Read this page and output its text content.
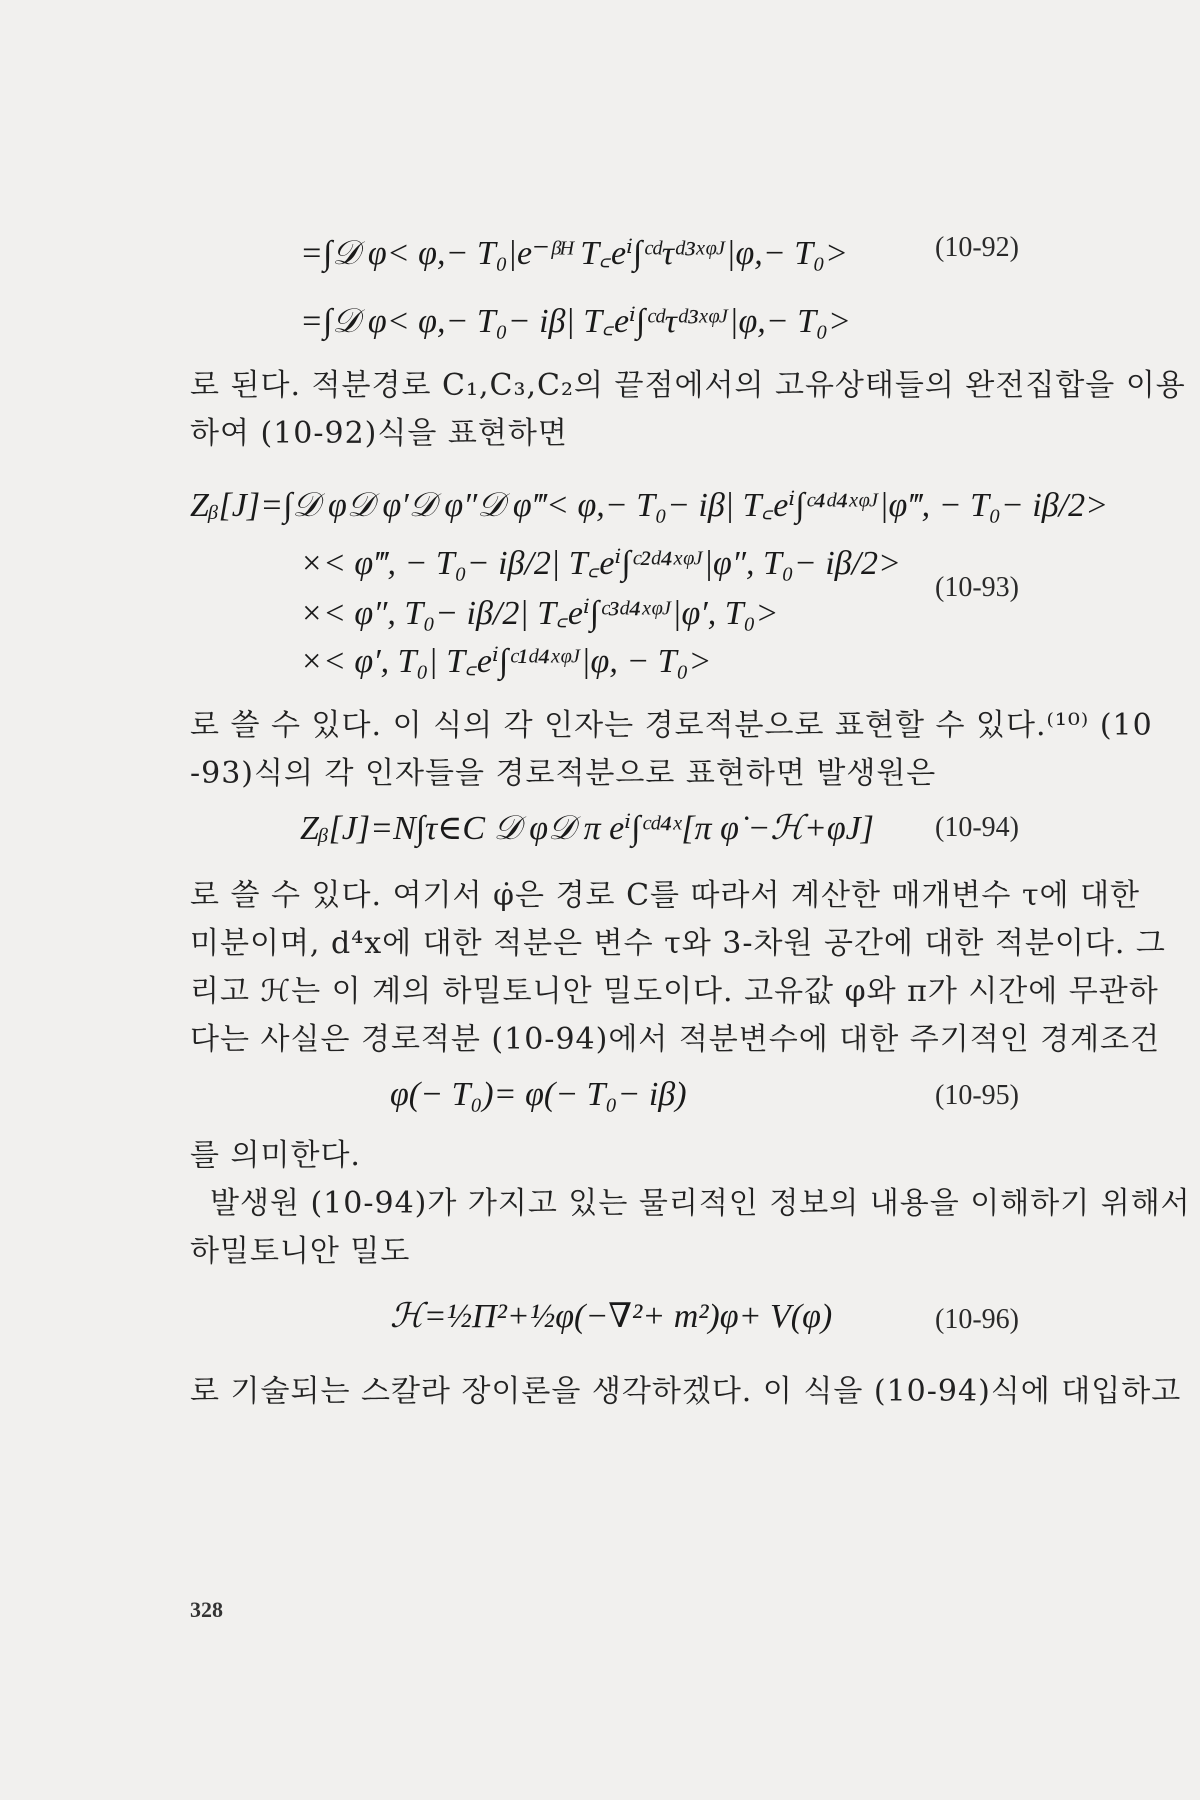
=∫𝒟 φ< φ,− T₀|e⁻ᵝᴴ T꜀eⁱ∫ᶜᵈτᵈ³ˣᵠᴶ|φ,− T₀>	(10-92)
=∫𝒟 φ< φ,− T₀− iβ| T꜀eⁱ∫ᶜᵈτᵈ³ˣᵠᴶ|φ,− T₀>
로 된다. 적분경로 C₁,C₃,C₂의 끝점에서의 고유상태들의 완전집합을 이용
하여 (10-92)식을 표현하면
Zᵦ[J]=∫𝒟 φ𝒟 φ′𝒟 φ″𝒟 φ‴< φ,− T₀− iβ| T꜀eⁱ∫ᶜ⁴ᵈ⁴ˣᵠᴶ|φ‴, − T₀− iβ/2>
×< φ‴, − T₀− iβ/2| T꜀eⁱ∫ᶜ²ᵈ⁴ˣᵠᴶ|φ″, T₀− iβ/2>
×< φ″, T₀− iβ/2| T꜀eⁱ∫ᶜ³ᵈ⁴ˣᵠᴶ|φ′, T₀>
(10-93)
×< φ′, T₀| T꜀eⁱ∫ᶜ¹ᵈ⁴ˣᵠᴶ|φ, − T₀>
로 쓸 수 있다. 이 식의 각 인자는 경로적분으로 표현할 수 있다.⁽¹⁰⁾ (10
-93)식의 각 인자들을 경로적분으로 표현하면 발생원은
Zᵦ[J]=N∫τ∈C 𝒟 φ𝒟 π eⁱ∫ᶜᵈ⁴ˣ[π φ̇ −ℋ+φJ] (10-94)
로 쓸 수 있다. 여기서 φ̇은 경로 C를 따라서 계산한 매개변수 τ에 대한
미분이며, d⁴x에 대한 적분은 변수 τ와 3-차원 공간에 대한 적분이다. 그
리고 ℋ는 이 계의 하밀토니안 밀도이다. 고유값 φ와 π가 시간에 무관하
다는 사실은 경로적분 (10-94)에서 적분변수에 대한 주기적인 경계조건
φ(− T₀)= φ(− T₀− iβ)	(10-95)
를 의미한다.
발생원 (10-94)가 가지고 있는 물리적인 정보의 내용을 이해하기 위해서
하밀토니안 밀도
ℋ=½Π²+½φ(−∇²+ m²)φ+ V(φ)	(10-96)
로 기술되는 스칼라 장이론을 생각하겠다. 이 식을 (10-94)식에 대입하고
328
